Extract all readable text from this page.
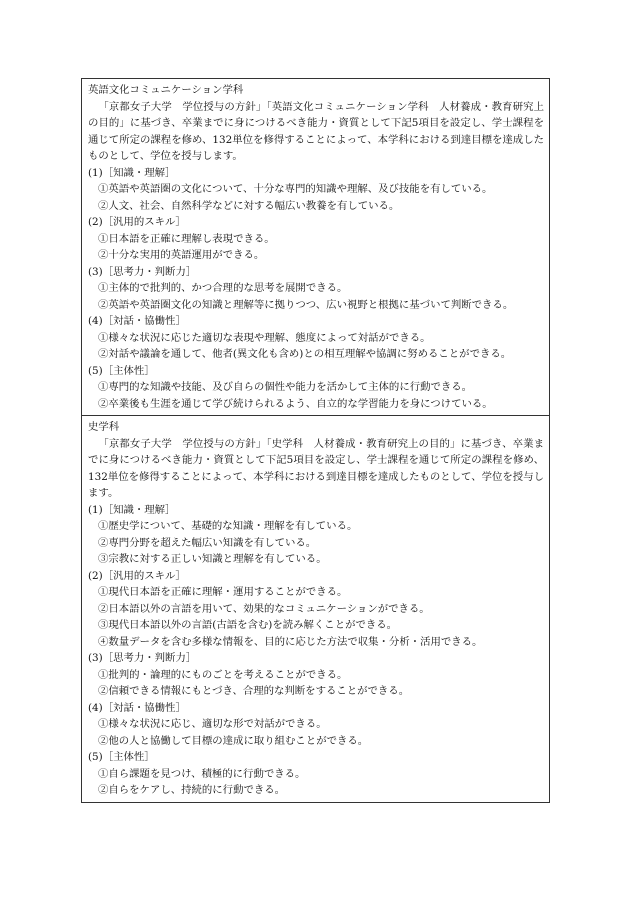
英語文化コミュニケーション学科
「京都女子大学　学位授与の方針」「英語文化コミュニケーション学科　人材養成・教育研究上の目的」に基づき、卒業までに身につけるべき能力・資質として下記5項目を設定し、学士課程を通じて所定の課程を修め、132単位を修得することによって、本学科における到達目標を達成したものとして、学位を授与します。
(1)［知識・理解］
①英語や英語圏の文化について、十分な専門的知識や理解、及び技能を有している。
②人文、社会、自然科学などに対する幅広い教養を有している。
(2)［汎用的スキル］
①日本語を正確に理解し表現できる。
②十分な実用的英語運用ができる。
(3)［思考力・判断力］
①主体的で批判的、かつ合理的な思考を展開できる。
②英語や英語圏文化の知識と理解等に拠りつつ、広い視野と根拠に基づいて判断できる。
(4)［対話・協働性］
①様々な状況に応じた適切な表現や理解、態度によって対話ができる。
②対話や議論を通して、他者(異文化も含め)との相互理解や協調に努めることができる。
(5)［主体性］
①専門的な知識や技能、及び自らの個性や能力を活かして主体的に行動できる。
②卒業後も生涯を通じて学び続けられるよう、自立的な学習能力を身につけている。
史学科
「京都女子大学　学位授与の方針」「史学科　人材養成・教育研究上の目的」に基づき、卒業までに身につけるべき能力・資質として下記5項目を設定し、学士課程を通じて所定の課程を修め、132単位を修得することによって、本学科における到達目標を達成したものとして、学位を授与します。
(1)［知識・理解］
①歴史学について、基礎的な知識・理解を有している。
②専門分野を超えた幅広い知識を有している。
③宗教に対する正しい知識と理解を有している。
(2)［汎用的スキル］
①現代日本語を正確に理解・運用することができる。
②日本語以外の言語を用いて、効果的なコミュニケーションができる。
③現代日本語以外の言語(古語を含む)を読み解くことができる。
④数量データを含む多様な情報を、目的に応じた方法で収集・分析・活用できる。
(3)［思考力・判断力］
①批判的・論理的にものごとを考えることができる。
②信頼できる情報にもとづき、合理的な判断をすることができる。
(4)［対話・協働性］
①様々な状況に応じ、適切な形で対話ができる。
②他の人と協働して目標の達成に取り組むことができる。
(5)［主体性］
①自ら課題を見つけ、積極的に行動できる。
②自らをケアし、持続的に行動できる。
